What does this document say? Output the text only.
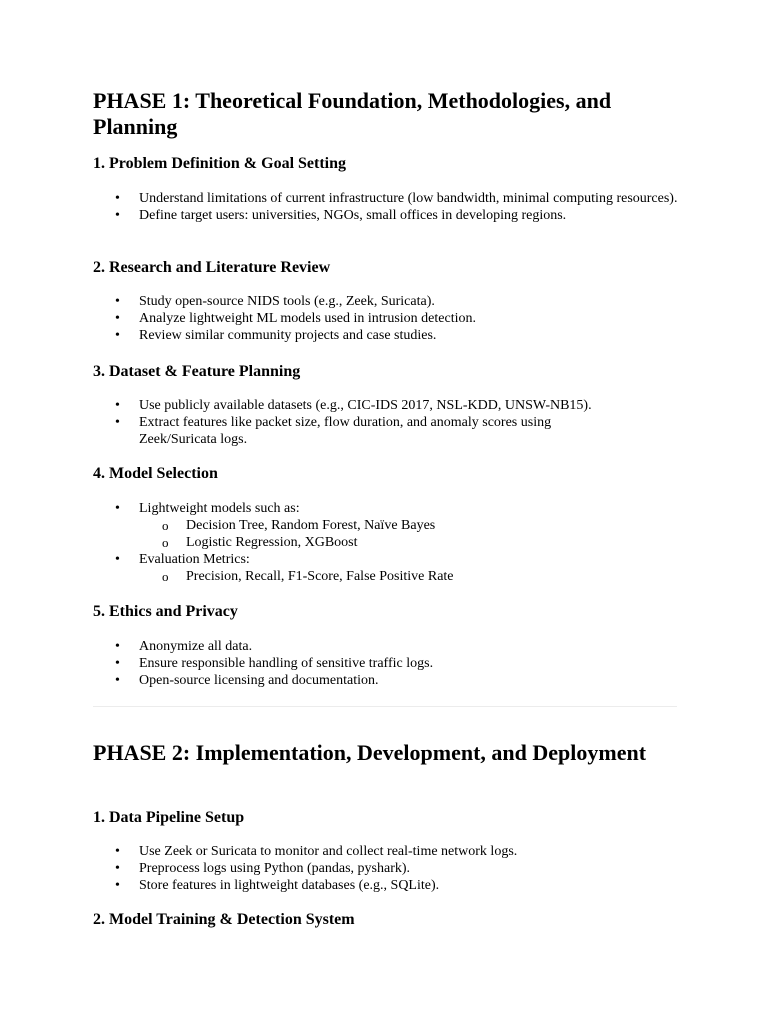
PHASE 1: Theoretical Foundation, Methodologies, and Planning
1. Problem Definition & Goal Setting
• Understand limitations of current infrastructure (low bandwidth, minimal computing resources).
• Define target users: universities, NGOs, small offices in developing regions.
2. Research and Literature Review
• Study open-source NIDS tools (e.g., Zeek, Suricata).
• Analyze lightweight ML models used in intrusion detection.
• Review similar community projects and case studies.
3. Dataset & Feature Planning
• Use publicly available datasets (e.g., CIC-IDS 2017, NSL-KDD, UNSW-NB15).
• Extract features like packet size, flow duration, and anomaly scores using Zeek/Suricata logs.
4. Model Selection
• Lightweight models such as:
o Decision Tree, Random Forest, Naïve Bayes
o Logistic Regression, XGBoost
• Evaluation Metrics:
o Precision, Recall, F1-Score, False Positive Rate
5. Ethics and Privacy
• Anonymize all data.
• Ensure responsible handling of sensitive traffic logs.
• Open-source licensing and documentation.
PHASE 2: Implementation, Development, and Deployment
1. Data Pipeline Setup
• Use Zeek or Suricata to monitor and collect real-time network logs.
• Preprocess logs using Python (pandas, pyshark).
• Store features in lightweight databases (e.g., SQLite).
2. Model Training & Detection System
